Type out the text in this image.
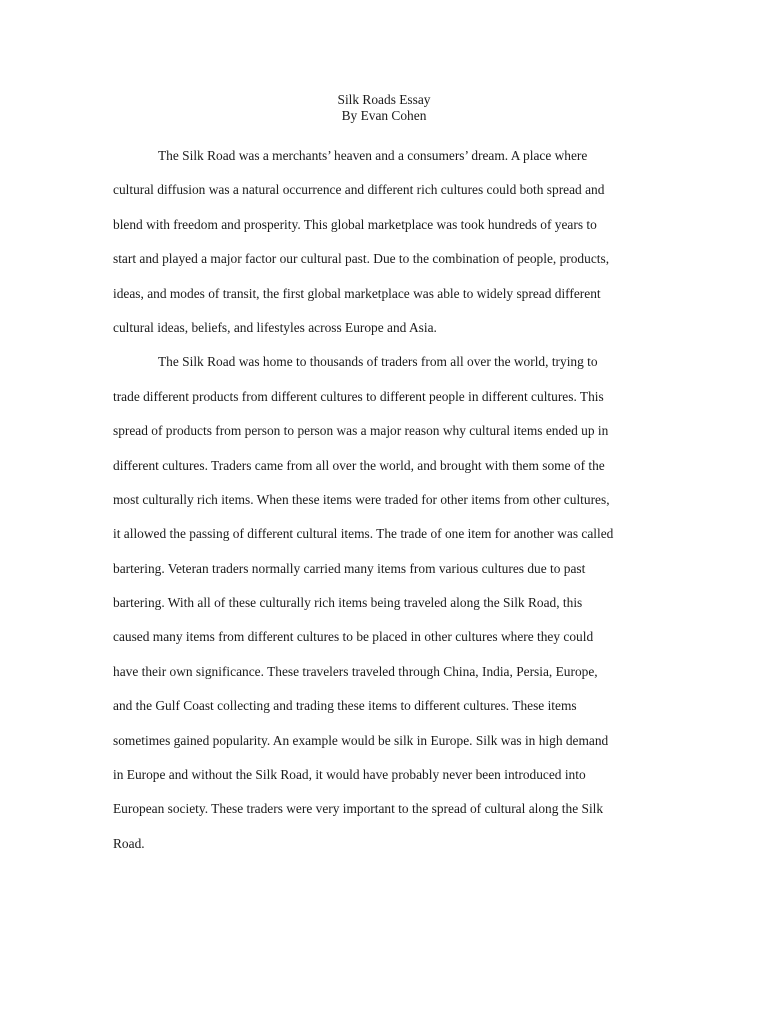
Silk Roads Essay
By Evan Cohen
The Silk Road was a merchants’ heaven and a consumers’ dream. A place where
cultural diffusion was a natural occurrence and different rich cultures could both spread and
blend with freedom and prosperity. This global marketplace was took hundreds of years to
start and played a major factor our cultural past. Due to the combination of people, products,
ideas, and modes of transit, the first global marketplace was able to widely spread different
cultural ideas, beliefs, and lifestyles across Europe and Asia.
The Silk Road was home to thousands of traders from all over the world, trying to
trade different products from different cultures to different people in different cultures. This
spread of products from person to person was a major reason why cultural items ended up in
different cultures. Traders came from all over the world, and brought with them some of the
most culturally rich items. When these items were traded for other items from other cultures,
it allowed the passing of different cultural items. The trade of one item for another was called
bartering. Veteran traders normally carried many items from various cultures due to past
bartering. With all of these culturally rich items being traveled along the Silk Road, this
caused many items from different cultures to be placed in other cultures where they could
have their own significance. These travelers traveled through China, India, Persia, Europe,
and the Gulf Coast collecting and trading these items to different cultures. These items
sometimes gained popularity. An example would be silk in Europe. Silk was in high demand
in Europe and without the Silk Road, it would have probably never been introduced into
European society. These traders were very important to the spread of cultural along the Silk
Road.
